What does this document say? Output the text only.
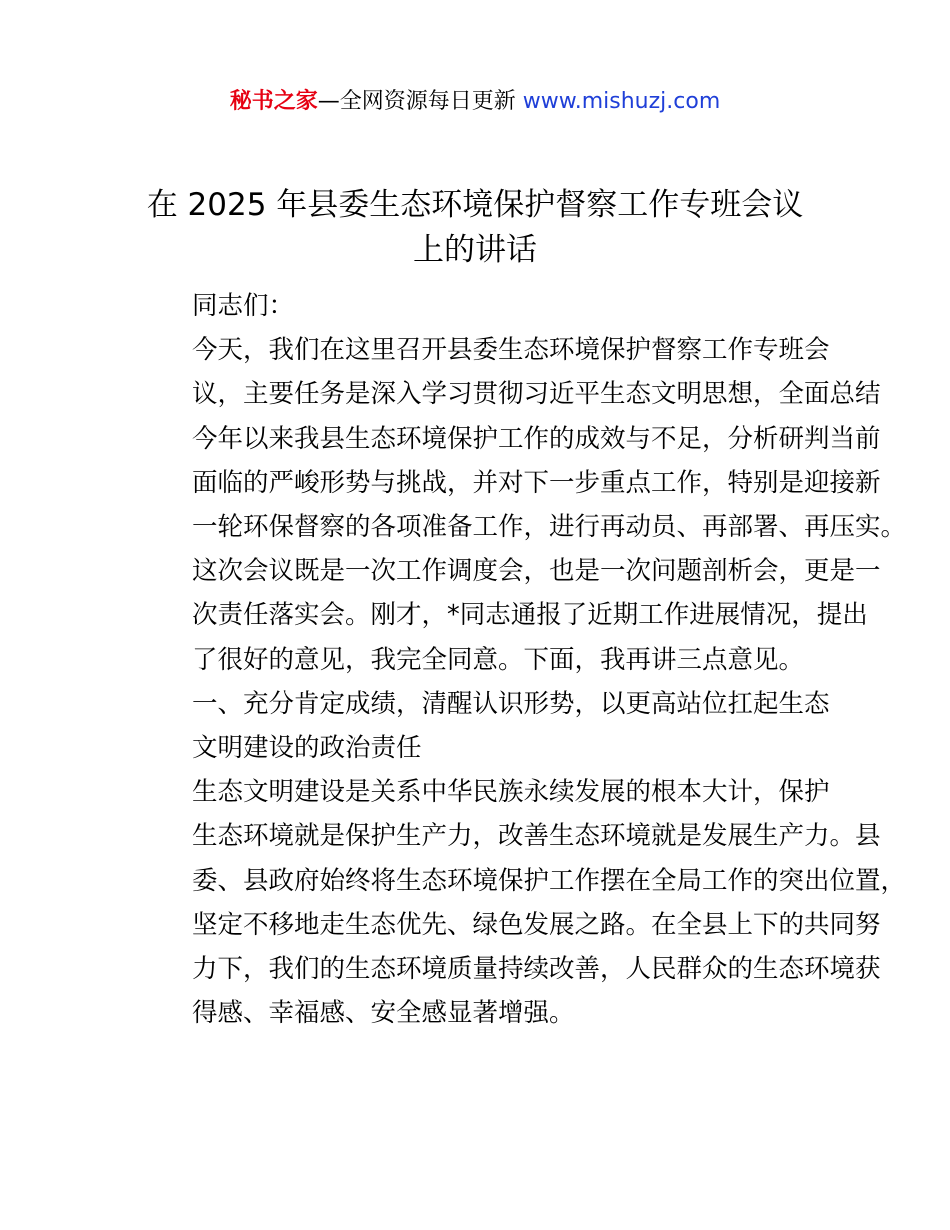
秘书之家—全网资源每日更新 www.mishuzj.com
在 2025 年县委生态环境保护督察工作专班会议
上的讲话

同志们：

今天，我们在这里召开县委生态环境保护督察工作专班会
议，主要任务是深入学习贯彻习近平生态文明思想，全面总结
今年以来我县生态环境保护工作的成效与不足，分析研判当前
面临的严峻形势与挑战，并对下一步重点工作，特别是迎接新
一轮环保督察的各项准备工作，进行再动员、再部署、再压实。
这次会议既是一次工作调度会，也是一次问题剖析会，更是一
次责任落实会。刚才，*同志通报了近期工作进展情况，提出
了很好的意见，我完全同意。下面，我再讲三点意见。

一、充分肯定成绩，清醒认识形势，以更高站位扛起生态
文明建设的政治责任

生态文明建设是关系中华民族永续发展的根本大计，保护
生态环境就是保护生产力，改善生态环境就是发展生产力。县
委、县政府始终将生态环境保护工作摆在全局工作的突出位置，
坚定不移地走生态优先、绿色发展之路。在全县上下的共同努
力下，我们的生态环境质量持续改善，人民群众的生态环境获
得感、幸福感、安全感显著增强。
